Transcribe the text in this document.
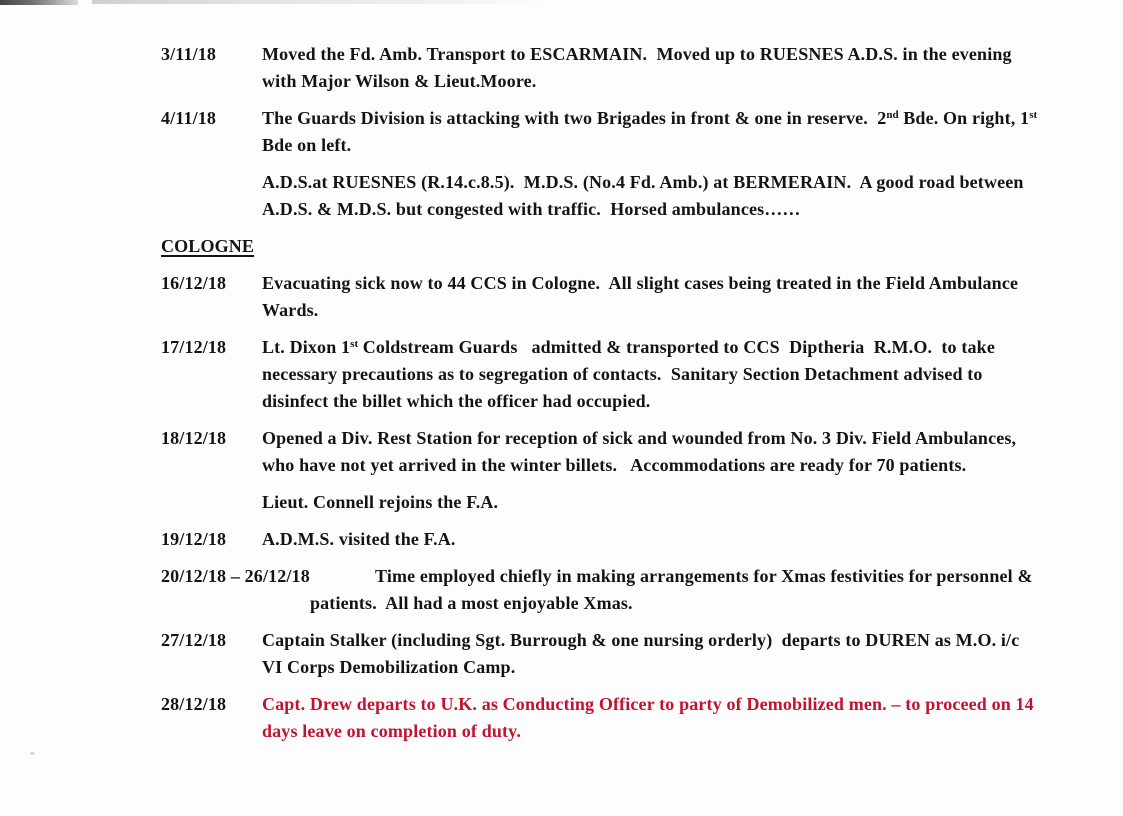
3/11/18	Moved the Fd. Amb. Transport to ESCARMAIN.  Moved up to RUESNES A.D.S. in the evening with Major Wilson & Lieut.Moore.
4/11/18	The Guards Division is attacking with two Brigades in front & one in reserve.  2nd Bde. On right, 1st Bde on left.
A.D.S.at RUESNES (R.14.c.8.5).  M.D.S. (No.4 Fd. Amb.) at BERMERAIN.  A good road between A.D.S. & M.D.S. but congested with traffic.  Horsed ambulances……
COLOGNE
16/12/18	Evacuating sick now to 44 CCS in Cologne.  All slight cases being treated in the Field Ambulance Wards.
17/12/18	Lt. Dixon 1st Coldstream Guards   admitted & transported to CCS  Diptheria  R.M.O.  to take necessary precautions as to segregation of contacts.  Sanitary Section Detachment advised to disinfect the billet which the officer had occupied.
18/12/18	Opened a Div. Rest Station for reception of sick and wounded from No. 3 Div. Field Ambulances, who have not yet arrived in the winter billets.   Accommodations are ready for 70 patients.
Lieut. Connell rejoins the F.A.
19/12/18	A.D.M.S. visited the F.A.
20/12/18 – 26/12/18	Time employed chiefly in making arrangements for Xmas festivities for personnel & patients.  All had a most enjoyable Xmas.
27/12/18	Captain Stalker (including Sgt. Burrough & one nursing orderly)  departs to DUREN as M.O. i/c VI Corps Demobilization Camp.
28/12/18	Capt. Drew departs to U.K. as Conducting Officer to party of Demobilized men. – to proceed on 14 days leave on completion of duty.
